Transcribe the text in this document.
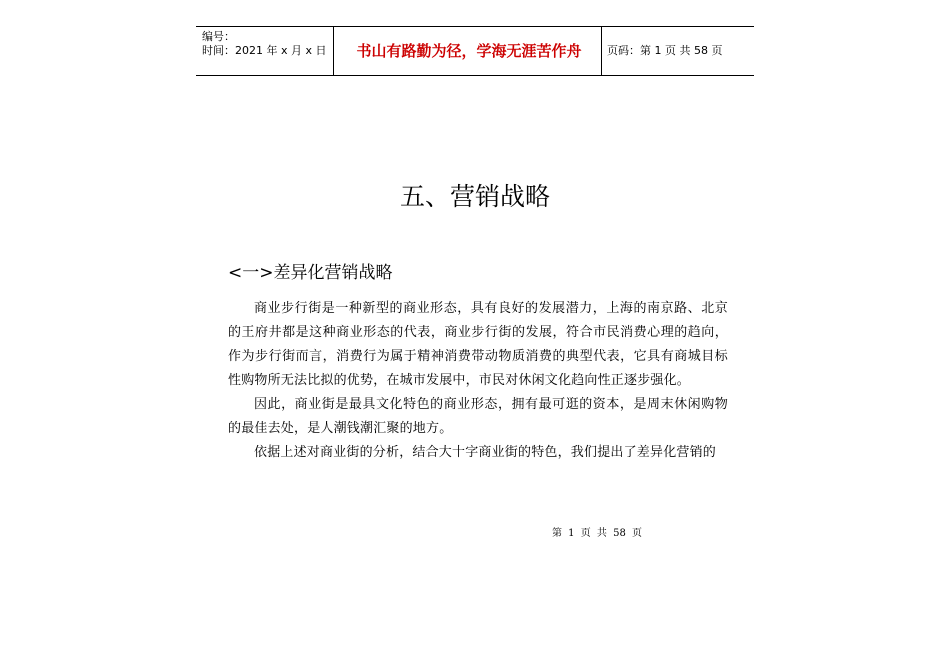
编号：
时间：2021 年 x 月 x 日	书山有路勤为径，学海无涯苦作舟	页码：第 1 页 共 58 页
五、营销战略
<一>差异化营销战略

商业步行街是一种新型的商业形态，具有良好的发展潜力，上海的南京路、北京的王府井都是这种商业形态的代表，商业步行街的发展，符合市民消费心理的趋向，作为步行街而言，消费行为属于精神消费带动物质消费的典型代表，它具有商城目标性购物所无法比拟的优势，在城市发展中，市民对休闲文化趋向性正逐步强化。

因此，商业街是最具文化特色的商业形态，拥有最可逛的资本，是周末休闲购物的最佳去处，是人潮钱潮汇聚的地方。

依据上述对商业街的分析，结合大十字商业街的特色，我们提出了差异化营销的

第 1 页 共 58 页
